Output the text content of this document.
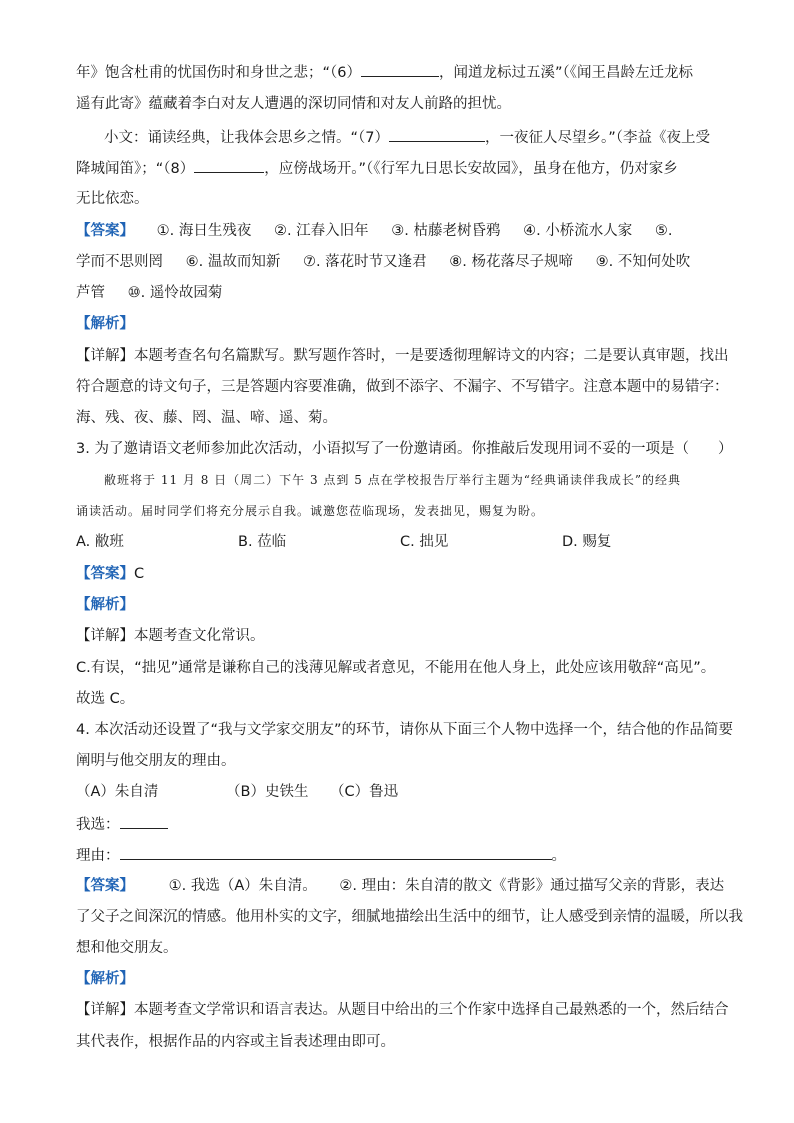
年》饱含杜甫的忧国伤时和身世之悲；“（6）	，闻道龙标过五溪”（《闻王昌龄左迁龙标
遥有此寄》蕴藏着李白对友人遭遇的深切同情和对友人前路的担忧。
小文：诵读经典，让我体会思乡之情。“（7）	，一夜征人尽望乡。”（李益《夜上受
降城闻笛》；“（8）	，应傍战场开。”（《行军九日思长安故园》，虽身在他方，仍对家乡
无比依恋。
【答案】 ①. 海日生残夜 ②. 江春入旧年 ③. 枯藤老树昏鸦 ④. 小桥流水人家 ⑤.
学而不思则罔 ⑥. 温故而知新 ⑦. 落花时节又逢君 ⑧. 杨花落尽子规啼 ⑨. 不知何处吹
芦管 ⑩. 遥怜故园菊
【解析】
【详解】本题考查名句名篇默写。默写题作答时，一是要透彻理解诗文的内容；二是要认真审题，找出
符合题意的诗文句子，三是答题内容要准确，做到不添字、不漏字、不写错字。注意本题中的易错字：
海、残、夜、藤、罔、温、啼、遥、菊。
3. 为了邀请语文老师参加此次活动，小语拟写了一份邀请函。你推敲后发现用词不妥的一项是（　　）
敝班将于 11 月 8 日（周二）下午 3 点到 5 点在学校报告厅举行主题为“经典诵读伴我成长”的经典
诵读活动。届时同学们将充分展示自我。诚邀您莅临现场，发表拙见，赐复为盼。
A. 敝班	B. 莅临	C. 拙见	D. 赐复
【答案】C
【解析】
【详解】本题考查文化常识。
C.有误，“拙见”通常是谦称自己的浅薄见解或者意见，不能用在他人身上，此处应该用敬辞“高见”。
故选 C。
4. 本次活动还设置了“我与文学家交朋友”的环节，请你从下面三个人物中选择一个，结合他的作品简要
阐明与他交朋友的理由。
（A）朱自清	（B）史铁生 （C）鲁迅
我选：
理由：	。
【答案】 ①. 我选（A）朱自清。 ②. 理由：朱自清的散文《背影》通过描写父亲的背影，表达
了父子之间深沉的情感。他用朴实的文字，细腻地描绘出生活中的细节，让人感受到亲情的温暖，所以我
想和他交朋友。
【解析】
【详解】本题考查文学常识和语言表达。从题目中给出的三个作家中选择自己最熟悉的一个，然后结合
其代表作，根据作品的内容或主旨表述理由即可。
